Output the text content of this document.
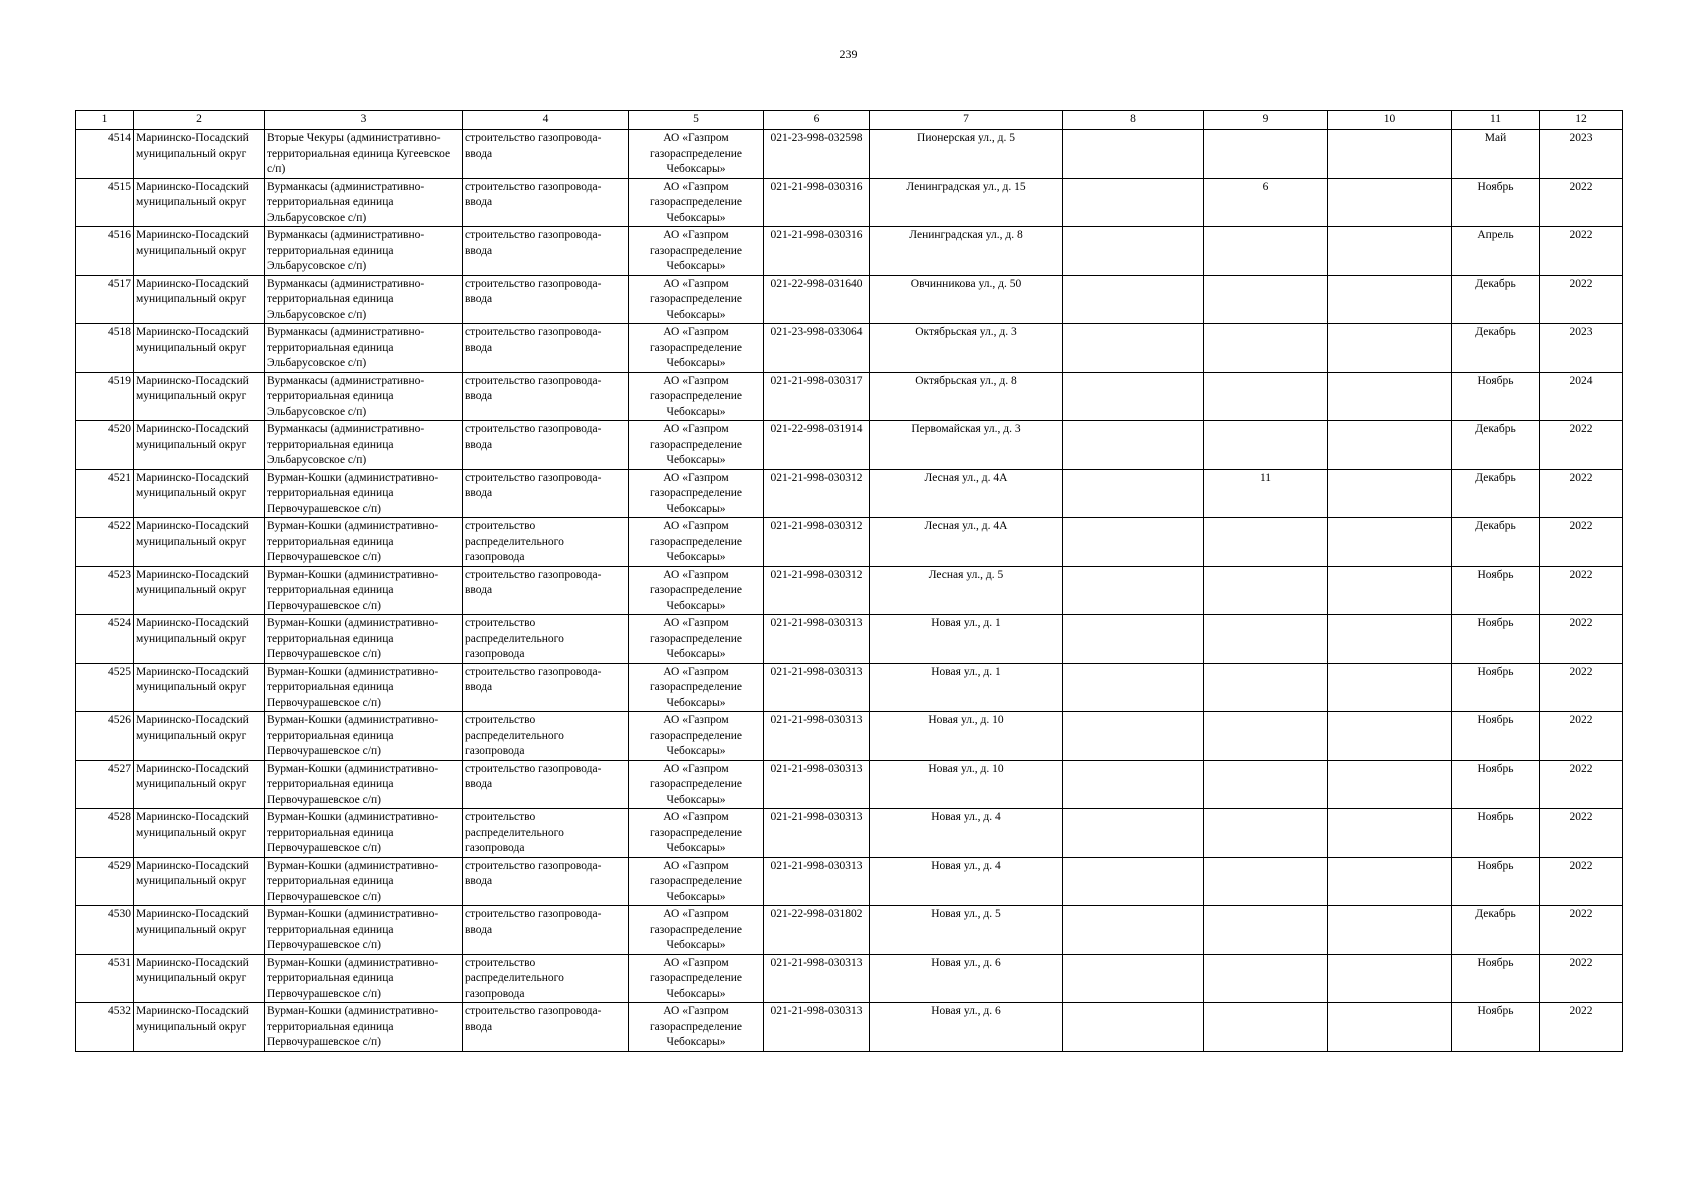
239
1	2	3	4	5	6	7	8	9	10	11	12
4514	Мариинско-Посадский муниципальный округ	Вторые Чекуры (административно-территориальная единица Кугеевское с/п)	строительство газопровода-ввода	АО «Газпром газораспределение Чебоксары»	021-23-998-032598	Пионерская ул., д. 5				Май	2023
4515	Мариинско-Посадский муниципальный округ	Вурманкасы (административно-территориальная единица Эльбарусовское с/п)	строительство газопровода-ввода	АО «Газпром газораспределение Чебоксары»	021-21-998-030316	Ленинградская ул., д. 15		6		Ноябрь	2022
4516	Мариинско-Посадский муниципальный округ	Вурманкасы (административно-территориальная единица Эльбарусовское с/п)	строительство газопровода-ввода	АО «Газпром газораспределение Чебоксары»	021-21-998-030316	Ленинградская ул., д. 8				Апрель	2022
4517	Мариинско-Посадский муниципальный округ	Вурманкасы (административно-территориальная единица Эльбарусовское с/п)	строительство газопровода-ввода	АО «Газпром газораспределение Чебоксары»	021-22-998-031640	Овчинникова ул., д. 50				Декабрь	2022
4518	Мариинско-Посадский муниципальный округ	Вурманкасы (административно-территориальная единица Эльбарусовское с/п)	строительство газопровода-ввода	АО «Газпром газораспределение Чебоксары»	021-23-998-033064	Октябрьская ул., д. 3				Декабрь	2023
4519	Мариинско-Посадский муниципальный округ	Вурманкасы (административно-территориальная единица Эльбарусовское с/п)	строительство газопровода-ввода	АО «Газпром газораспределение Чебоксары»	021-21-998-030317	Октябрьская ул., д. 8				Ноябрь	2024
4520	Мариинско-Посадский муниципальный округ	Вурманкасы (административно-территориальная единица Эльбарусовское с/п)	строительство газопровода-ввода	АО «Газпром газораспределение Чебоксары»	021-22-998-031914	Первомайская ул., д. 3				Декабрь	2022
4521	Мариинско-Посадский муниципальный округ	Вурман-Кошки (административно-территориальная единица Первочурашевское с/п)	строительство газопровода-ввода	АО «Газпром газораспределение Чебоксары»	021-21-998-030312	Лесная ул., д. 4А		11		Декабрь	2022
4522	Мариинско-Посадский муниципальный округ	Вурман-Кошки (административно-территориальная единица Первочурашевское с/п)	строительство распределительного газопровода	АО «Газпром газораспределение Чебоксары»	021-21-998-030312	Лесная ул., д. 4А				Декабрь	2022
4523	Мариинско-Посадский муниципальный округ	Вурман-Кошки (административно-территориальная единица Первочурашевское с/п)	строительство газопровода-ввода	АО «Газпром газораспределение Чебоксары»	021-21-998-030312	Лесная ул., д. 5				Ноябрь	2022
4524	Мариинско-Посадский муниципальный округ	Вурман-Кошки (административно-территориальная единица Первочурашевское с/п)	строительство распределительного газопровода	АО «Газпром газораспределение Чебоксары»	021-21-998-030313	Новая ул., д. 1				Ноябрь	2022
4525	Мариинско-Посадский муниципальный округ	Вурман-Кошки (административно-территориальная единица Первочурашевское с/п)	строительство газопровода-ввода	АО «Газпром газораспределение Чебоксары»	021-21-998-030313	Новая ул., д. 1				Ноябрь	2022
4526	Мариинско-Посадский муниципальный округ	Вурман-Кошки (административно-территориальная единица Первочурашевское с/п)	строительство распределительного газопровода	АО «Газпром газораспределение Чебоксары»	021-21-998-030313	Новая ул., д. 10				Ноябрь	2022
4527	Мариинско-Посадский муниципальный округ	Вурман-Кошки (административно-территориальная единица Первочурашевское с/п)	строительство газопровода-ввода	АО «Газпром газораспределение Чебоксары»	021-21-998-030313	Новая ул., д. 10				Ноябрь	2022
4528	Мариинско-Посадский муниципальный округ	Вурман-Кошки (административно-территориальная единица Первочурашевское с/п)	строительство распределительного газопровода	АО «Газпром газораспределение Чебоксары»	021-21-998-030313	Новая ул., д. 4				Ноябрь	2022
4529	Мариинско-Посадский муниципальный округ	Вурман-Кошки (административно-территориальная единица Первочурашевское с/п)	строительство газопровода-ввода	АО «Газпром газораспределение Чебоксары»	021-21-998-030313	Новая ул., д. 4				Ноябрь	2022
4530	Мариинско-Посадский муниципальный округ	Вурман-Кошки (административно-территориальная единица Первочурашевское с/п)	строительство газопровода-ввода	АО «Газпром газораспределение Чебоксары»	021-22-998-031802	Новая ул., д. 5				Декабрь	2022
4531	Мариинско-Посадский муниципальный округ	Вурман-Кошки (административно-территориальная единица Первочурашевское с/п)	строительство распределительного газопровода	АО «Газпром газораспределение Чебоксары»	021-21-998-030313	Новая ул., д. 6				Ноябрь	2022
4532	Мариинско-Посадский муниципальный округ	Вурман-Кошки (административно-территориальная единица Первочурашевское с/п)	строительство газопровода-ввода	АО «Газпром газораспределение Чебоксары»	021-21-998-030313	Новая ул., д. 6				Ноябрь	2022
